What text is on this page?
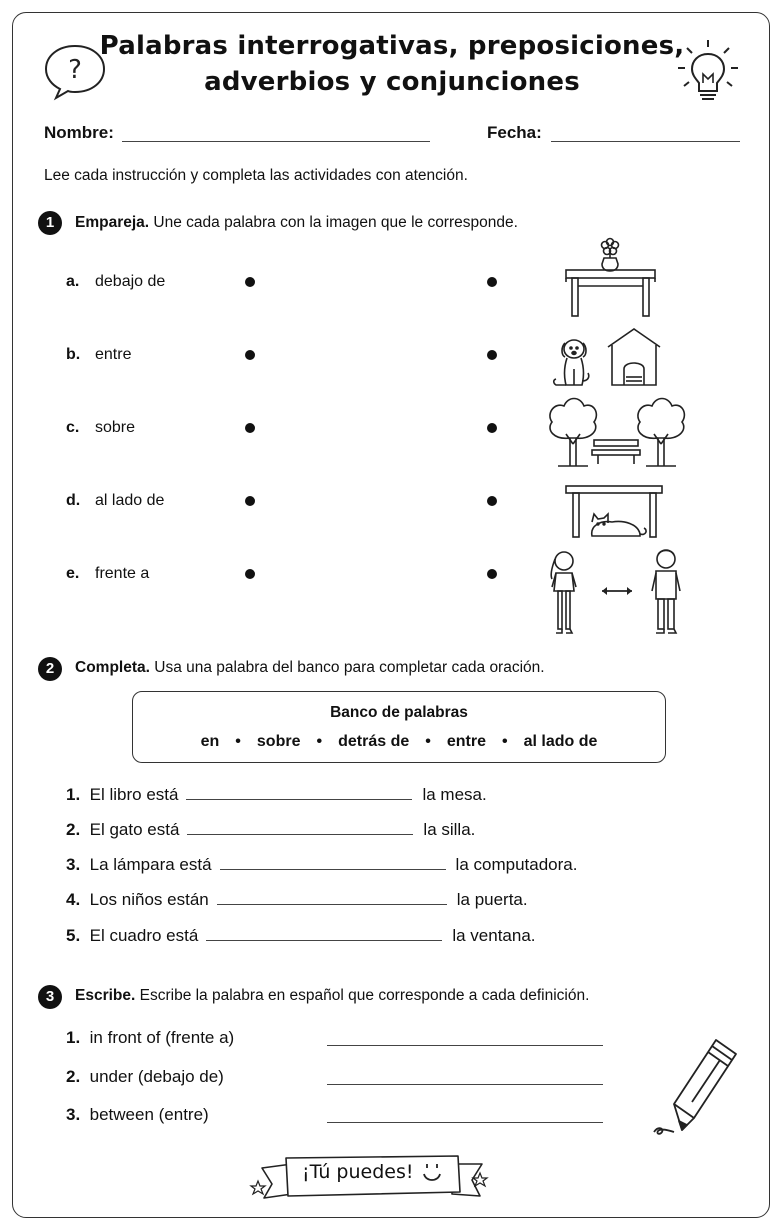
?
Palabras interrogativas, preposiciones,
adverbios y conjunciones
Nombre:	Fecha:
Lee cada instrucción y completa las actividades con atención.
1	Empareja. Une cada palabra con la imagen que le corresponde.
a. debajo de
b. entre
c. sobre
d. al lado de
e. frente a
2	Completa. Usa una palabra del banco para completar cada oración.
Banco de palabras
en • sobre • detrás de • entre • al lado de
1. El libro está	la mesa.
2. El gato está	la silla.
3. La lámpara está	la computadora.
4. Los niños están	la puerta.
5. El cuadro está	la ventana.
3	Escribe. Escribe la palabra en español que corresponde a cada definición.
1. in front of (frente a)
2. under (debajo de)
3. between (entre)
¡Tú puedes!
